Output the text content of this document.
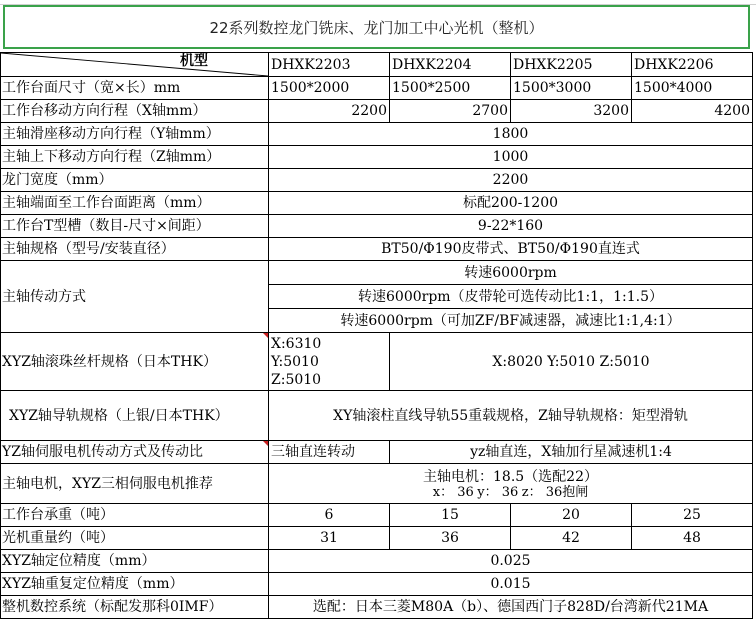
22系列数控龙门铣床、龙门加工中心光机（整机）
机型	DHXK2203	DHXK2204	DHXK2205	DHXK2206
工作台面尺寸（宽×长）mm	1500*2000	1500*2500	1500*3000	1500*4000
工作台移动方向行程（X轴mm）	2200	2700	3200	4200
主轴滑座移动方向行程（Y轴mm）	1800			
主轴上下移动方向行程（Z轴mm）	1000			
龙门宽度（mm）	2200			
主轴端面至工作台面距离（mm）	标配200-1200			
工作台T型槽（数目-尺寸×间距）	9-22*160			
主轴规格（型号/安装直径）	BT50/Φ190皮带式、BT50/Φ190直连式			
主轴传动方式	转速6000rpm			
	转速6000rpm（皮带轮可选传动比1:1，1:1.5）			
	转速6000rpm（可加ZF/BF减速器，减速比1:1,4:1）			
XYZ轴滚珠丝杆规格（日本THK）	X:6310
Y:5010
Z:5010	X:8020 Y:5010 Z:5010		
XYZ轴导轨规格（上银/日本THK）	XY轴滚柱直线导轨55重载规格，Z轴导轨规格：矩型滑轨			
YZ轴伺服电机传动方式及传动比	三轴直连转动	yz轴直连，X轴加行星减速机1:4		
主轴电机，XYZ三相伺服电机推荐	主轴电机：18.5（选配22）
x： 36 y： 36 z： 36抱闸			

工作台承重（吨）	6	15	20	25
光机重量约（吨）	31	36	42	48
XYZ轴定位精度（mm）	0.025			
XYZ轴重复定位精度（mm）	0.015			
整机数控系统（标配发那科0IMF）	选配：日本三菱M80A（b）、德国西门子828D/台湾新代21MA			
